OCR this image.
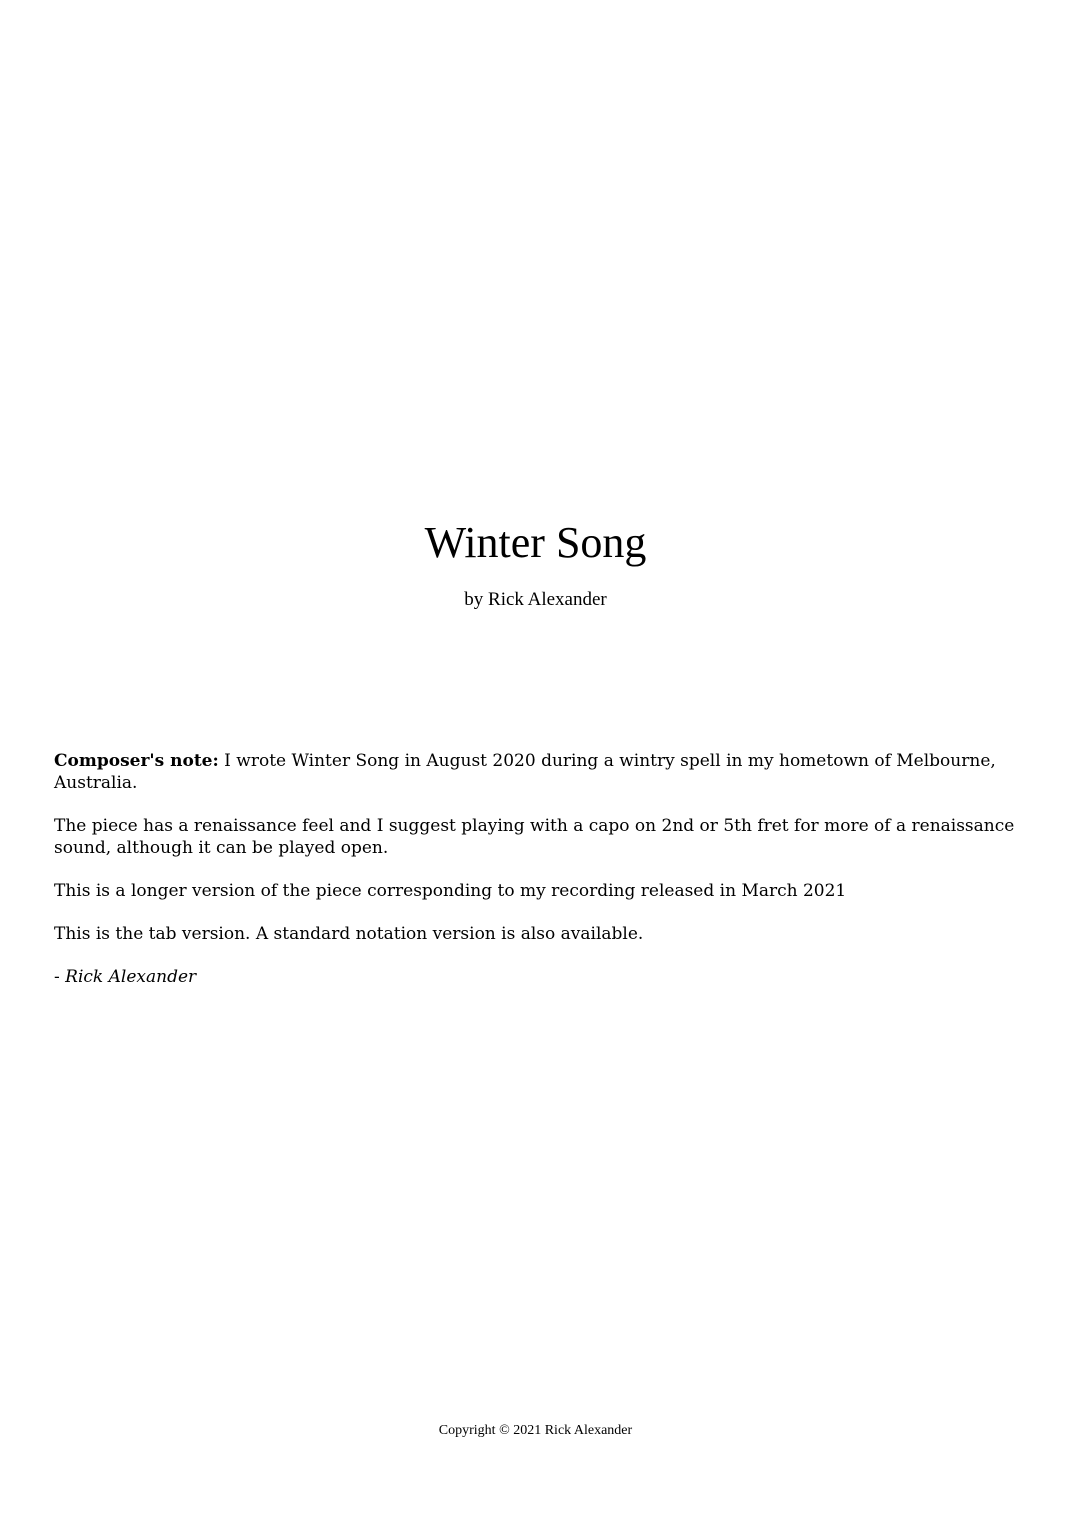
Winter Song
by Rick Alexander

Composer's note: I wrote Winter Song in August 2020 during a wintry spell in my hometown of Melbourne, Australia.

The piece has a renaissance feel and I suggest playing with a capo on 2nd or 5th fret for more of a renaissance sound, although it can be played open.

This is a longer version of the piece corresponding to my recording released in March 2021

This is the tab version. A standard notation version is also available.

- Rick Alexander

Copyright © 2021 Rick Alexander
